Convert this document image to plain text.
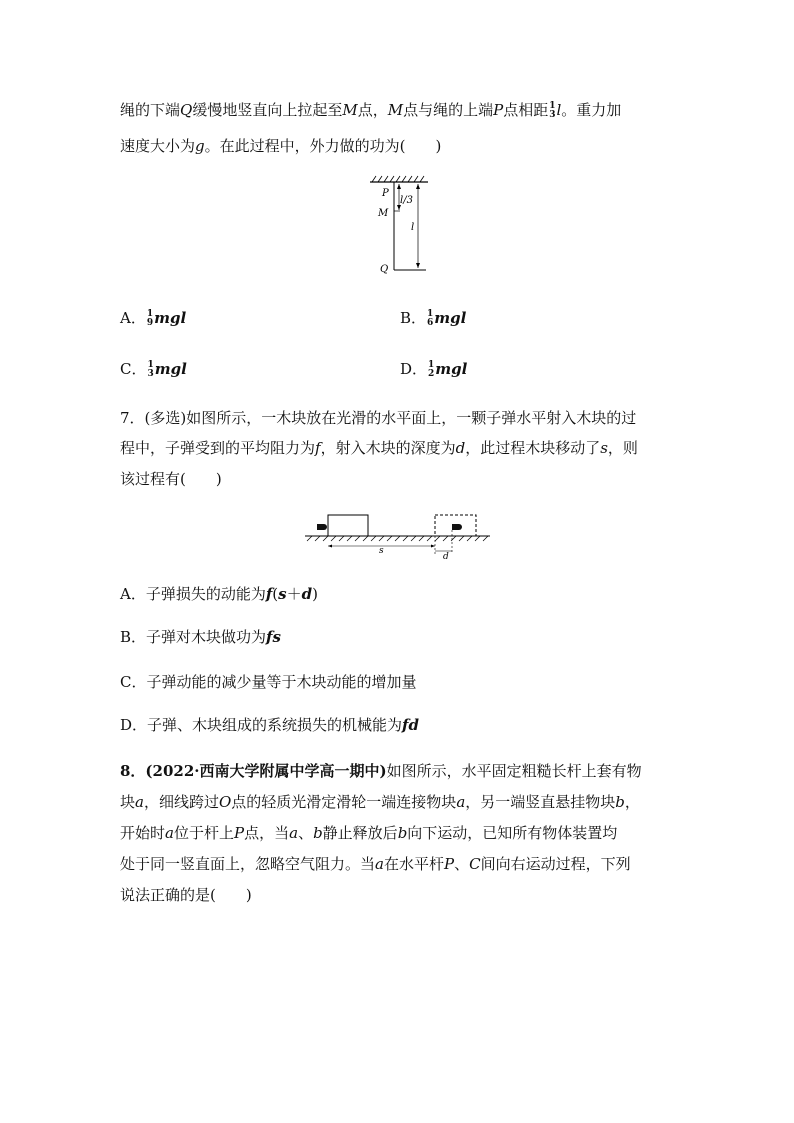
绳的下端Q缓慢地竖直向上拉起至M点，M点与绳的上端P点相距 1
3 l。重力加
速度大小为g。在此过程中，外力做的功为(　　)
P
l/3
M
l
Q
A． 1
9 mgl	B． 1
6 mgl
C． 1
3 mgl	D． 1
2 mgl
7．(多选)如图所示，一木块放在光滑的水平面上，一颗子弹水平射入木块的过
程中，子弹受到的平均阻力为f，射入木块的深度为d，此过程木块移动了s，则
该过程有(　　)
s
d
A．子弹损失的动能为f(s＋d)
B．子弹对木块做功为fs
C．子弹动能的减少量等于木块动能的增加量
D．子弹、木块组成的系统损失的机械能为fd
8．(2022·西南大学附属中学高一期中)如图所示，水平固定粗糙长杆上套有物
块a，细线跨过O点的轻质光滑定滑轮一端连接物块a，另一端竖直悬挂物块b，
开始时a位于杆上P点，当a、b静止释放后b向下运动，已知所有物体装置均
处于同一竖直面上，忽略空气阻力。当a在水平杆P、C间向右运动过程，下列
说法正确的是(　　)
